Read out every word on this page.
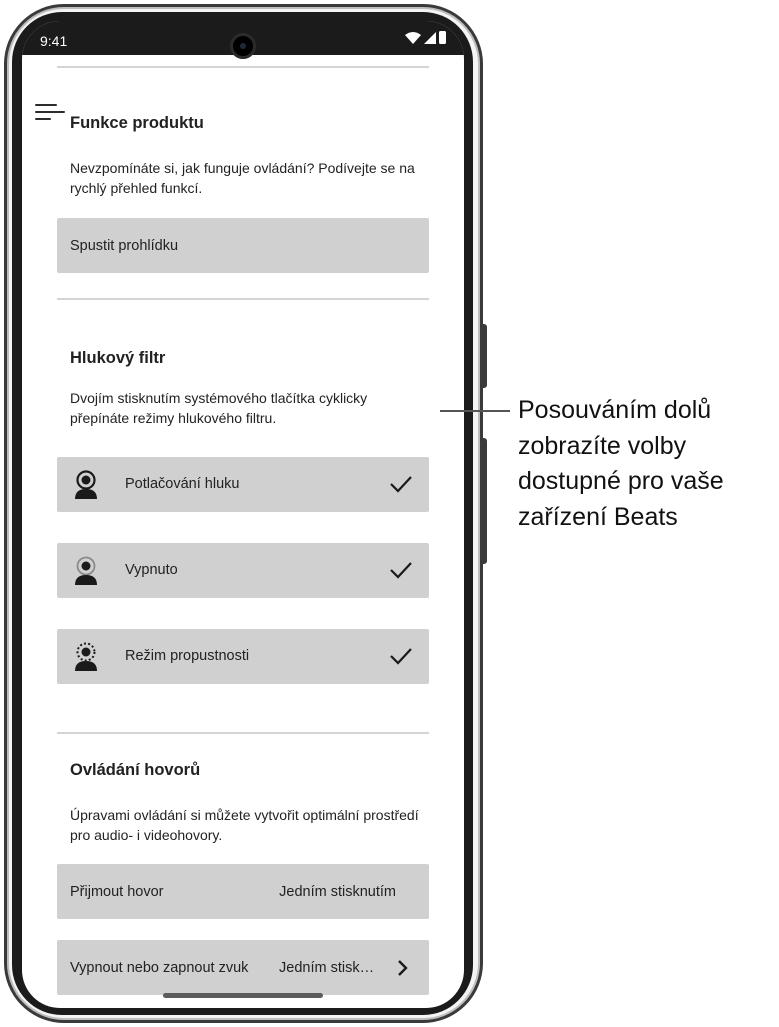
9:41
Funkce produktu
Nevzpomínáte si, jak funguje ovládání? Podívejte se na rychlý přehled funkcí.
Spustit prohlídku
Hlukový filtr
Dvojím stisknutím systémového tlačítka cyklicky přepínáte režimy hlukového filtru.
Potlačování hluku
Vypnuto
Režim propustnosti
Ovládání hovorů
Úpravami ovládání si můžete vytvořit optimální prostředí pro audio- i videohovory.
Přijmout hovor	Jedním stisknutím
Vypnout nebo zapnout zvuk Jedním stisk…
Posouváním dolů zobrazíte volby dostupné pro vaše zařízení Beats
